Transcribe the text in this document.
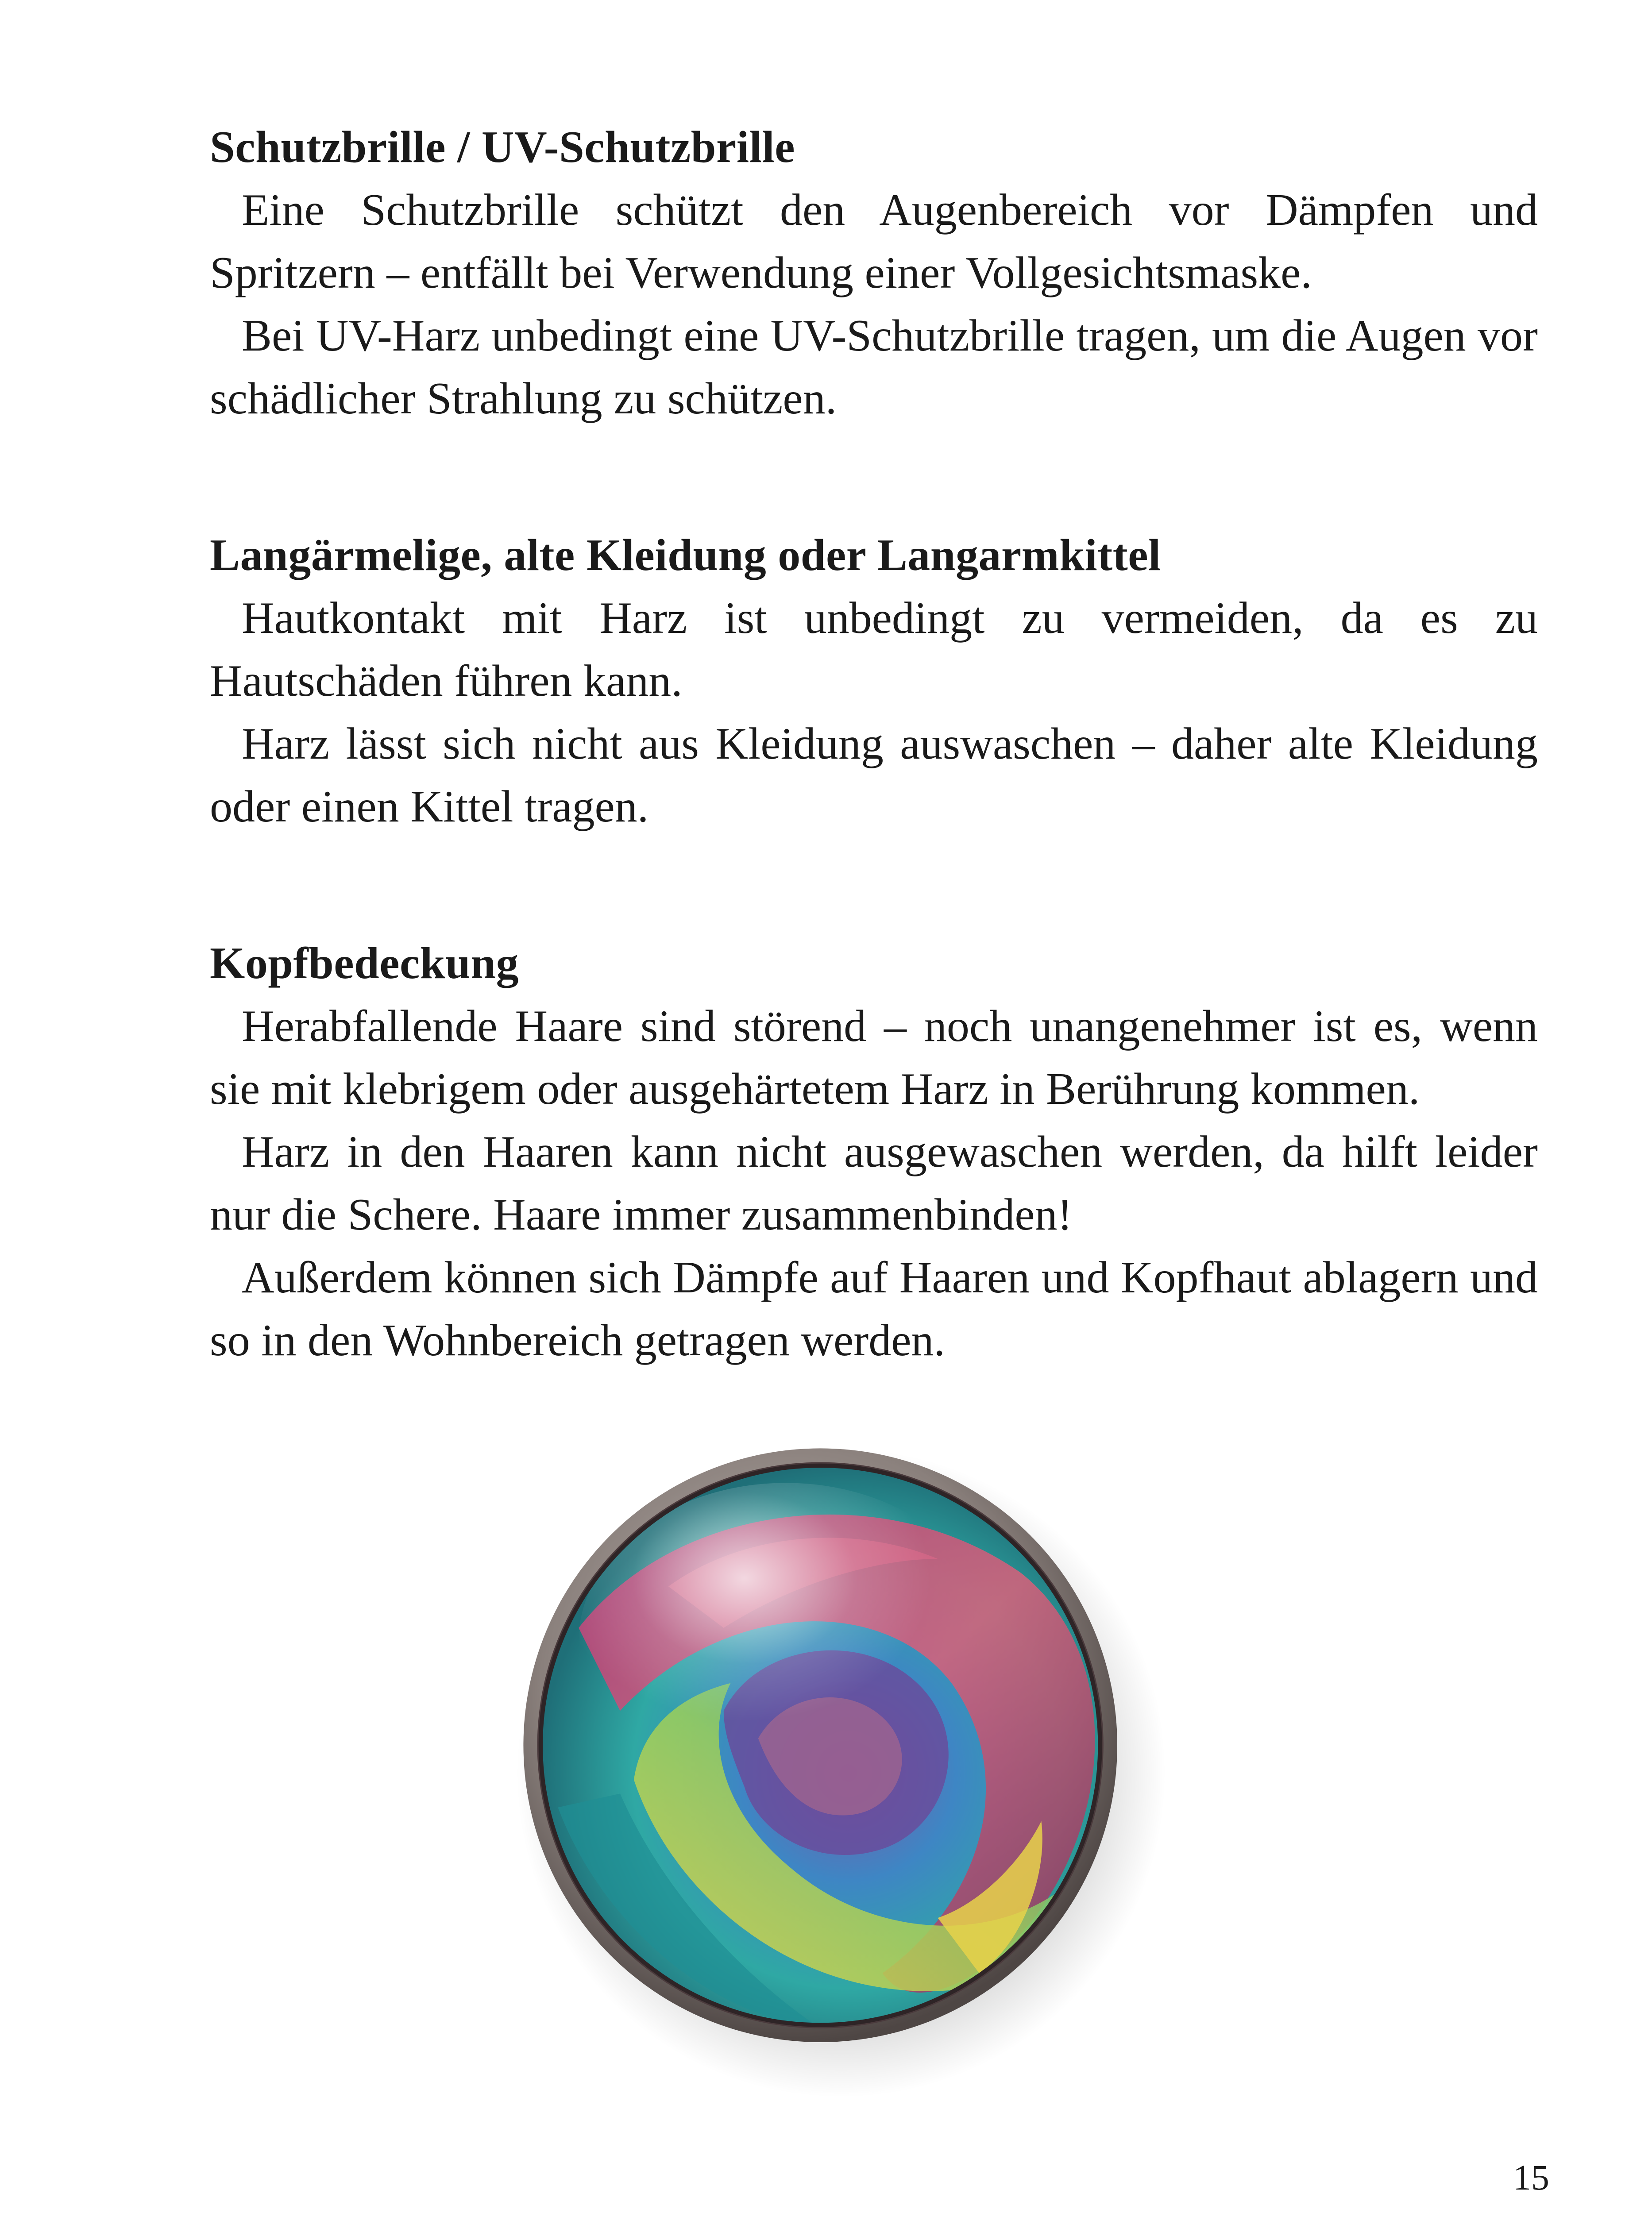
Schutzbrille / UV-Schutzbrille

Eine Schutzbrille schützt den Augenbereich vor Dämpfen und Spritzern – entfällt bei Verwendung einer Vollgesichtsmaske.

Bei UV-Harz unbedingt eine UV-Schutzbrille tragen, um die Augen vor schädlicher Strahlung zu schützen.

Langärmelige, alte Kleidung oder Langarmkittel

Hautkontakt mit Harz ist unbedingt zu vermeiden, da es zu Hautschäden führen kann.

Harz lässt sich nicht aus Kleidung auswaschen – daher alte Kleidung oder einen Kittel tragen.

Kopfbedeckung

Herabfallende Haare sind störend – noch unangenehmer ist es, wenn sie mit klebrigem oder ausgehärtetem Harz in Berührung kommen.

Harz in den Haaren kann nicht ausgewaschen werden, da hilft leider nur die Schere. Haare immer zusammenbinden!

Außerdem können sich Dämpfe auf Haaren und Kopfhaut ablagern und so in den Wohnbereich getragen werden.

15
